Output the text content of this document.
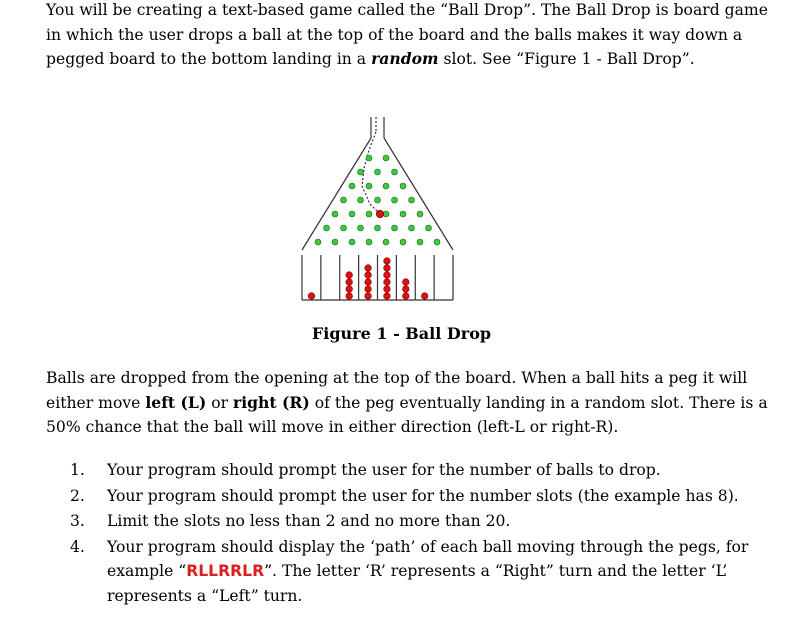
You will be creating a text-based game called the “Ball Drop”. The Ball Drop is board game in which the user drops a ball at the top of the board and the balls makes it way down a pegged board to the bottom landing in a random slot. See “Figure 1 - Ball Drop”.

Figure 1 - Ball Drop

Balls are dropped from the opening at the top of the board. When a ball hits a peg it will either move left (L) or right (R) of the peg eventually landing in a random slot. There is a 50% chance that the ball will move in either direction (left-L or right-R).

1. Your program should prompt the user for the number of balls to drop.
2. Your program should prompt the user for the number slots (the example has 8).
3. Limit the slots no less than 2 and no more than 20.
4. Your program should display the ‘path’ of each ball moving through the pegs, for example “RLLRRLR”. The letter ‘R’ represents a “Right” turn and the letter ‘L’ represents a “Left” turn.
